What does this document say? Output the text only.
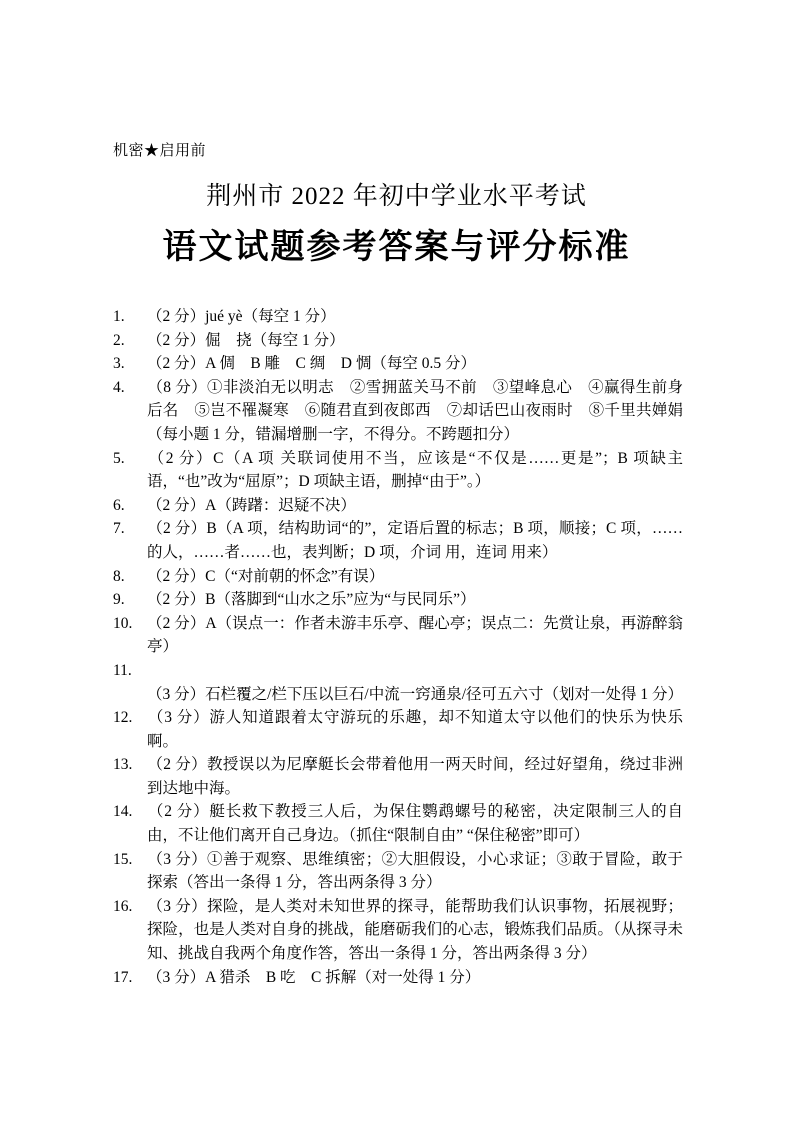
机密★启用前
荆州市 2022 年初中学业水平考试
语文试题参考答案与评分标准

1. （2 分）jué yè（每空 1 分）

2. （2 分）倔　挠（每空 1 分）

3. （2 分）A 倜　B 雕　C 绸　D 惆（每空 0.5 分）

4. （8 分）①非淡泊无以明志　②雪拥蓝关马不前　③望峰息心　④赢得生前身后名　⑤岂不罹凝寒　⑥随君直到夜郎西　⑦却话巴山夜雨时　⑧千里共婵娟（每小题 1 分，错漏增删一字，不得分。不跨题扣分）

5. （2 分）C（A 项 关联词使用不当，应该是“不仅是……更是”；B 项缺主语，“也”改为“屈原”；D 项缺主语，删掉“由于”。）

6. （2 分）A（踌躇：迟疑不决）

7. （2 分）B（A 项，结构助词“的”，定语后置的标志；B 项，顺接；C 项，……的人，……者……也，表判断；D 项，介词 用，连词 用来）

8. （2 分）C（“对前朝的怀念”有误）

9. （2 分）B（落脚到“山水之乐”应为“与民同乐”）

10. （2 分）A（误点一：作者未游丰乐亭、醒心亭；误点二：先赏让泉，再游醉翁亭）

11.（3 分）石栏覆之/栏下压以巨石/中流一窍通泉/径可五六寸（划对一处得 1 分）

12. （3 分）游人知道跟着太守游玩的乐趣，却不知道太守以他们的快乐为快乐啊。

13. （2 分）教授误以为尼摩艇长会带着他用一两天时间，经过好望角，绕过非洲到达地中海。

14. （2 分）艇长救下教授三人后，为保住鹦鹉螺号的秘密，决定限制三人的自由，不让他们离开自己身边。（抓住“限制自由” “保住秘密”即可）

15. （3 分）①善于观察、思维缜密；②大胆假设，小心求证；③敢于冒险，敢于探索（答出一条得 1 分，答出两条得 3 分）

16. （3 分）探险，是人类对未知世界的探寻，能帮助我们认识事物，拓展视野；探险，也是人类对自身的挑战，能磨砺我们的心志，锻炼我们品质。（从探寻未知、挑战自我两个角度作答，答出一条得 1 分，答出两条得 3 分）

17. （3 分）A 猎杀　B 吃　C 拆解（对一处得 1 分）
